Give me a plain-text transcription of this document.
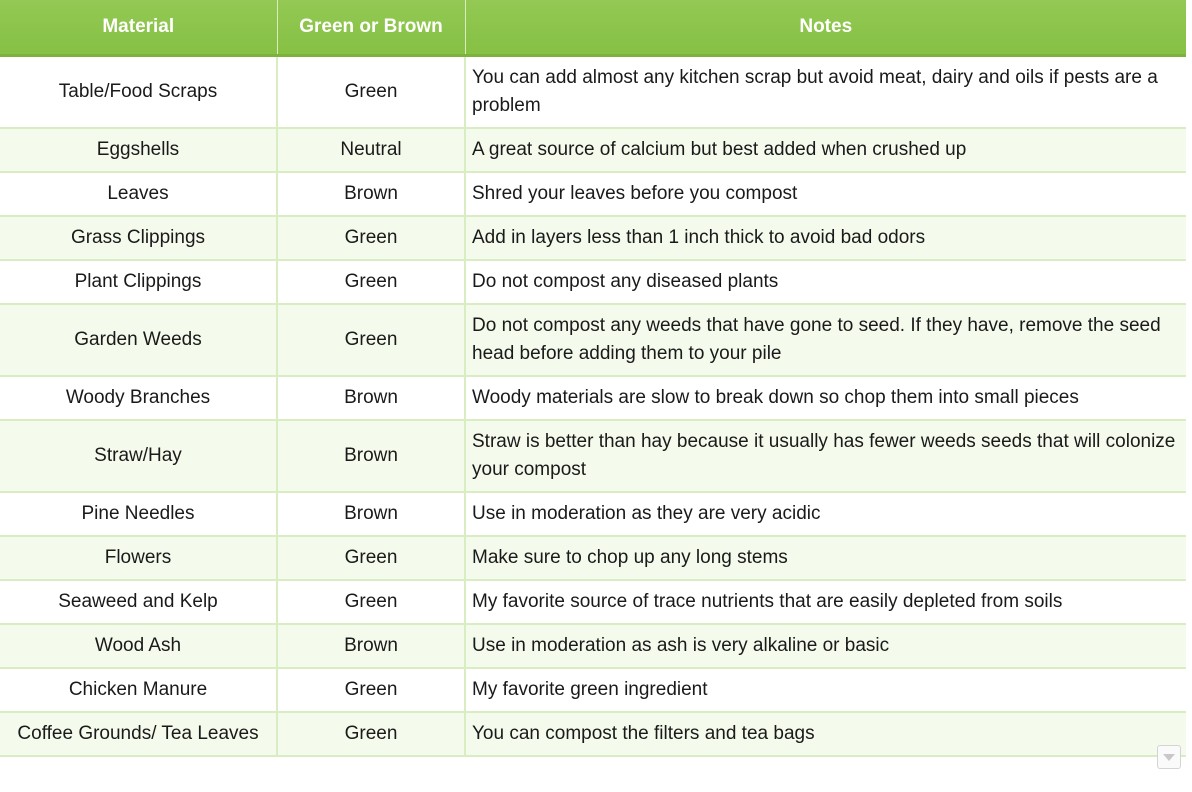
Material	Green or Brown	Notes
Table/Food Scraps	Green	You can add almost any kitchen scrap but avoid meat, dairy and oils if pests are a problem
Eggshells	Neutral	A great source of calcium but best added when crushed up
Leaves	Brown	Shred your leaves before you compost
Grass Clippings	Green	Add in layers less than 1 inch thick to avoid bad odors
Plant Clippings	Green	Do not compost any diseased plants
Garden Weeds	Green	Do not compost any weeds that have gone to seed. If they have, remove the seed head before adding them to your pile
Woody Branches	Brown	Woody materials are slow to break down so chop them into small pieces
Straw/Hay	Brown	Straw is better than hay because it usually has fewer weeds seeds that will colonize your compost
Pine Needles	Brown	Use in moderation as they are very acidic
Flowers	Green	Make sure to chop up any long stems
Seaweed and Kelp	Green	My favorite source of trace nutrients that are easily depleted from soils
Wood Ash	Brown	Use in moderation as ash is very alkaline or basic
Chicken Manure	Green	My favorite green ingredient
Coffee Grounds/ Tea Leaves	Green	You can compost the filters and tea bags
